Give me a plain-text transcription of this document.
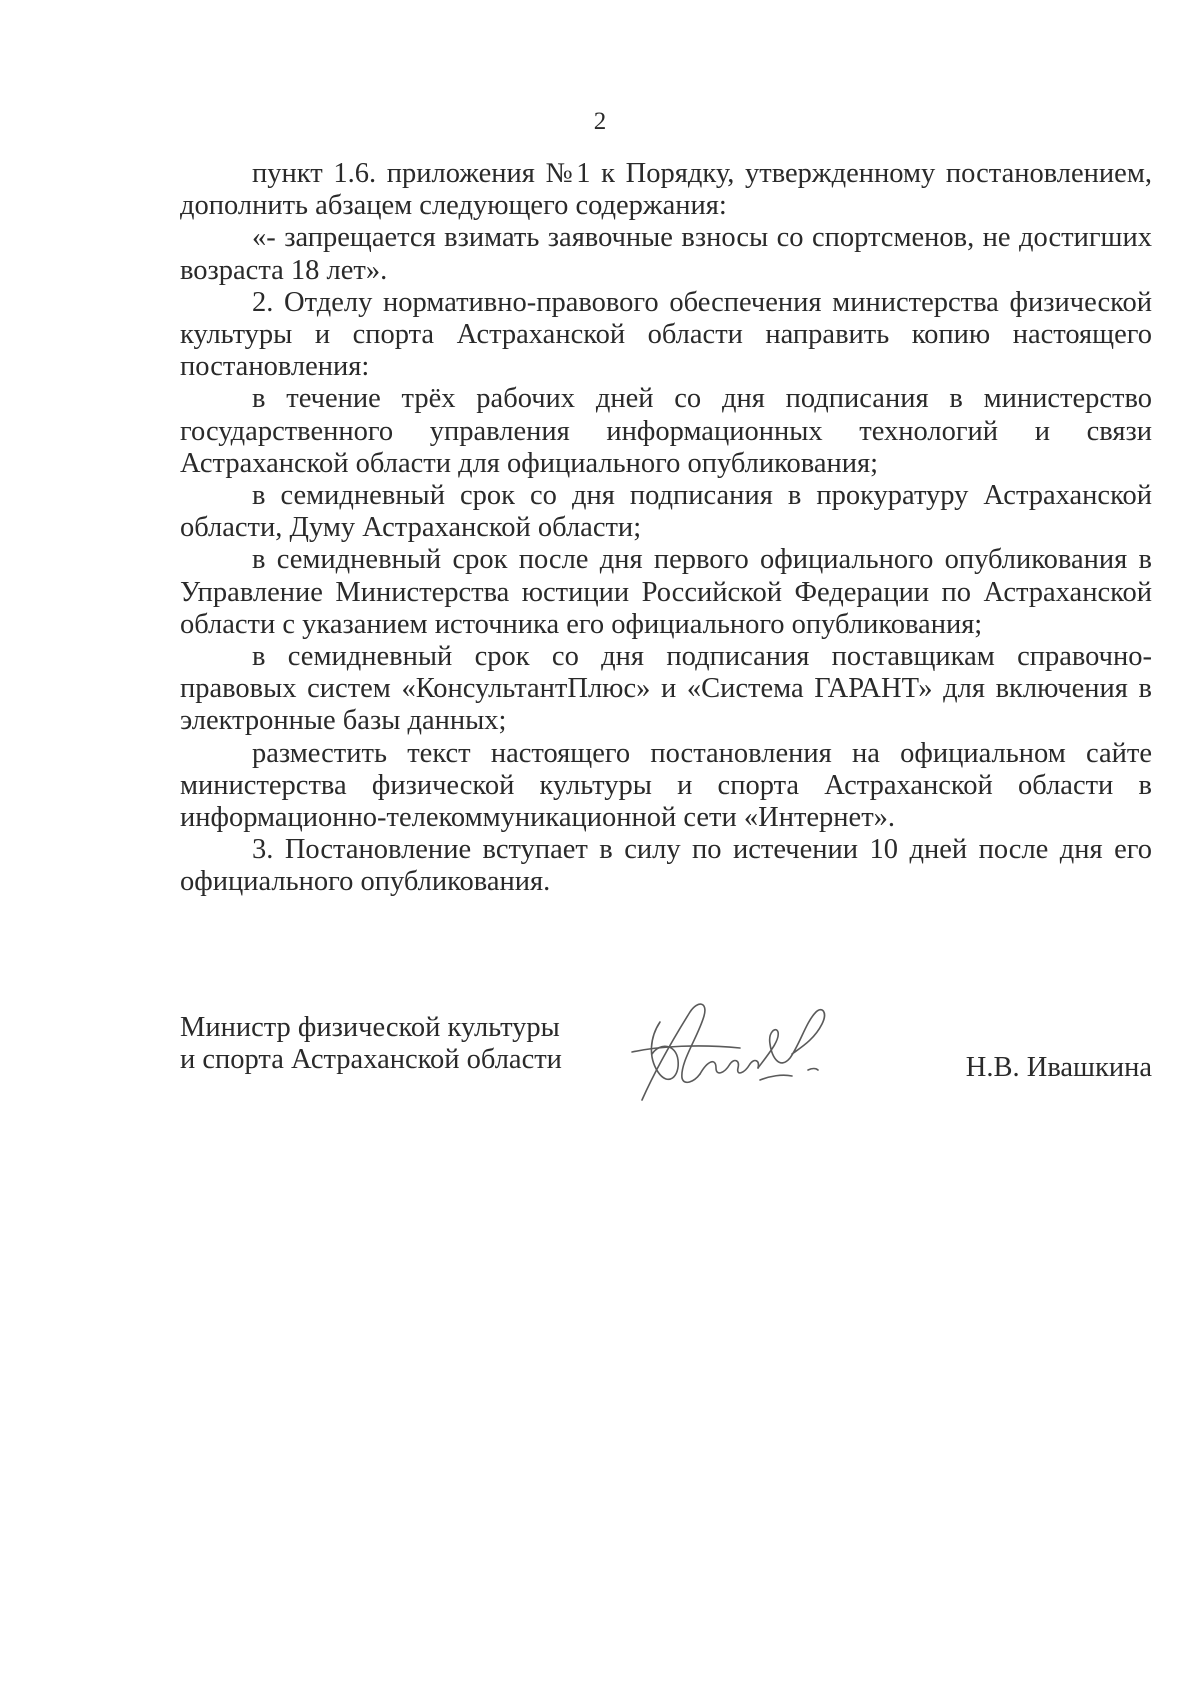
2

пункт 1.6. приложения №1 к Порядку, утвержденному постановлением, дополнить абзацем следующего содержания:

«- запрещается взимать заявочные взносы со спортсменов, не достигших возраста 18 лет».

2. Отделу нормативно-правового обеспечения министерства физической культуры и спорта Астраханской области направить копию настоящего постановления:

в течение трёх рабочих дней со дня подписания в министерство государственного управления информационных технологий и связи Астраханской области для официального опубликования;

в семидневный срок со дня подписания в прокуратуру Астраханской области, Думу Астраханской области;

в семидневный срок после дня первого официального опубликования в Управление Министерства юстиции Российской Федерации по Астраханской области с указанием источника его официального опубликования;

в семидневный срок со дня подписания поставщикам справочно-правовых систем «КонсультантПлюс» и «Система ГАРАНТ» для включения в электронные базы данных;

разместить текст настоящего постановления на официальном сайте министерства физической культуры и спорта Астраханской области в информационно-телекоммуникационной сети «Интернет».

3. Постановление вступает в силу по истечении 10 дней после дня его официального опубликования.

Министр физической культуры
и спорта Астраханской области	Н.В. Ивашкина
